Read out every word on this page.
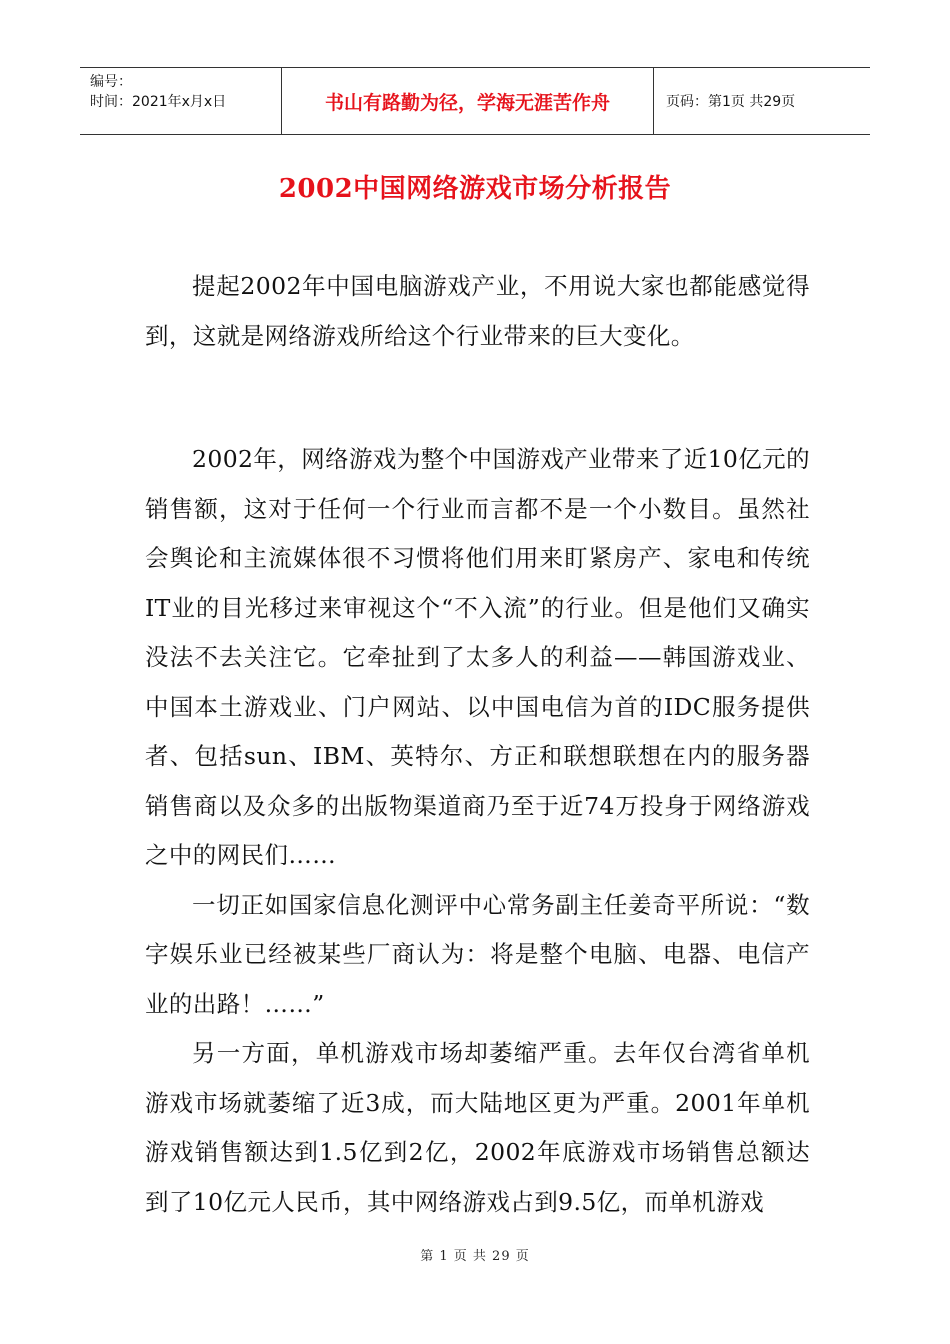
编号：
时间：2021年x月x日	书山有路勤为径，学海无涯苦作舟	页码：第1页 共29页
2002中国网络游戏市场分析报告

提起2002年中国电脑游戏产业，不用说大家也都能感觉得到，这就是网络游戏所给这个行业带来的巨大变化。

2002年，网络游戏为整个中国游戏产业带来了近10亿元的销售额，这对于任何一个行业而言都不是一个小数目。虽然社会舆论和主流媒体很不习惯将他们用来盯紧房产、家电和传统IT业的目光移过来审视这个“不入流”的行业。但是他们又确实没法不去关注它。它牵扯到了太多人的利益——韩国游戏业、中国本土游戏业、门户网站、以中国电信为首的IDC服务提供者、包括sun、IBM、英特尔、方正和联想联想在内的服务器销售商以及众多的出版物渠道商乃至于近74万投身于网络游戏之中的网民们……

一切正如国家信息化测评中心常务副主任姜奇平所说：“数字娱乐业已经被某些厂商认为：将是整个电脑、电器、电信产业的出路！……”

另一方面，单机游戏市场却萎缩严重。去年仅台湾省单机游戏市场就萎缩了近3成，而大陆地区更为严重。2001年单机游戏销售额达到1.5亿到2亿，2002年底游戏市场销售总额达到了10亿元人民币，其中网络游戏占到9.5亿，而单机游戏

第 1 页 共 29 页
